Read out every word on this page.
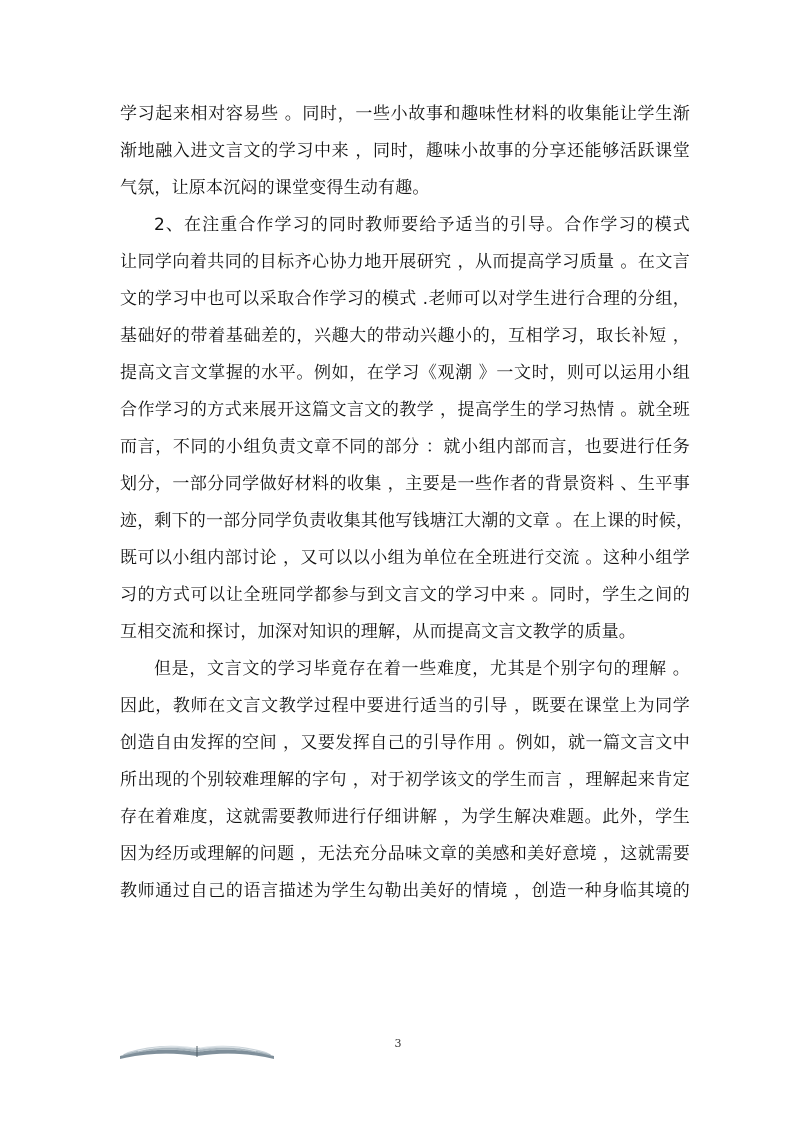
学习起来相对容易些 。同时，一些小故事和趣味性材料的收集能让学生渐
渐地融入进文言文的学习中来 ，同时，趣味小故事的分享还能够活跃课堂
气氛，让原本沉闷的课堂变得生动有趣。
2、在注重合作学习的同时教师要给予适当的引导。合作学习的模式
让同学向着共同的目标齐心协力地开展研究 ，从而提高学习质量 。在文言
文的学习中也可以采取合作学习的模式 .老师可以对学生进行合理的分组，
基础好的带着基础差的，兴趣大的带动兴趣小的，互相学习，取长补短 ，
提高文言文掌握的水平。例如，在学习《观潮 》一文时，则可以运用小组
合作学习的方式来展开这篇文言文的教学 ，提高学生的学习热情 。就全班
而言，不同的小组负责文章不同的部分 ：就小组内部而言，也要进行任务
划分，一部分同学做好材料的收集 ，主要是一些作者的背景资料 、生平事
迹，剩下的一部分同学负责收集其他写钱塘江大潮的文章 。在上课的时候，
既可以小组内部讨论 ，又可以以小组为单位在全班进行交流 。这种小组学
习的方式可以让全班同学都参与到文言文的学习中来 。同时，学生之间的
互相交流和探讨，加深对知识的理解，从而提高文言文教学的质量。
但是，文言文的学习毕竟存在着一些难度，尤其是个别字句的理解 。
因此，教师在文言文教学过程中要进行适当的引导 ，既要在课堂上为同学
创造自由发挥的空间 ，又要发挥自己的引导作用 。例如，就一篇文言文中
所出现的个别较难理解的字句 ，对于初学该文的学生而言 ，理解起来肯定
存在着难度，这就需要教师进行仔细讲解 ，为学生解决难题。此外，学生
因为经历或理解的问题 ，无法充分品味文章的美感和美好意境 ，这就需要
教师通过自己的语言描述为学生勾勒出美好的情境 ，创造一种身临其境的
3
